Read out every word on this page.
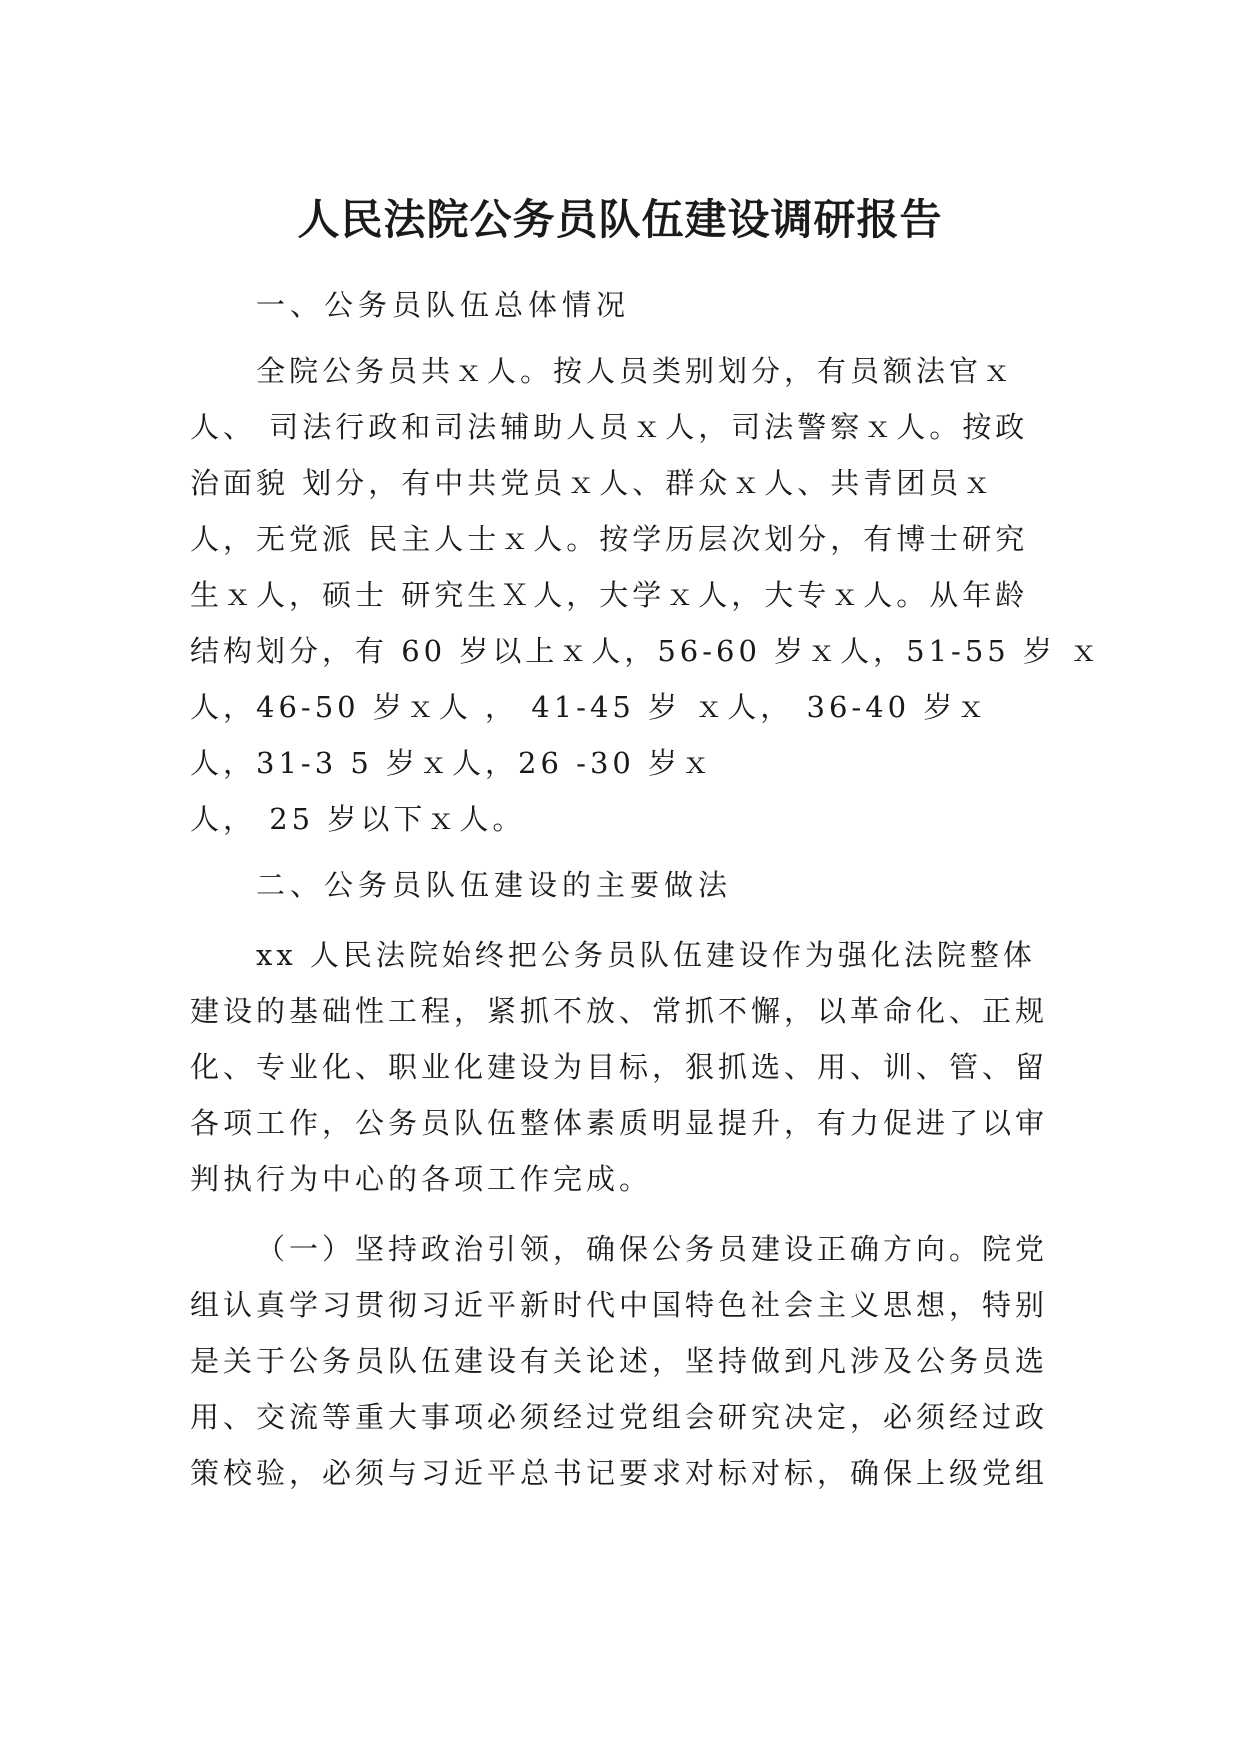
人民法院公务员队伍建设调研报告

一、公务员队伍总体情况

全院公务员共ｘ人。按人员类别划分，有员额法官ｘ
人、 司法行政和司法辅助人员ｘ人，司法警察ｘ人。按政
治面貌 划分，有中共党员ｘ人、群众ｘ人、共青团员ｘ
人，无党派 民主人士ｘ人。按学历层次划分，有博士研究
生ｘ人，硕士 研究生Ｘ人，大学ｘ人，大专ｘ人。从年龄
结构划分，有 60 岁以上ｘ人，56-60 岁ｘ人，51-55 岁 ｘ
人，46-50 岁ｘ人 ， 41-45 岁 ｘ人， 36-40 岁ｘ
人，31-3 5 岁ｘ人，26 -30 岁ｘ
人， 25 岁以下ｘ人。

二、公务员队伍建设的主要做法

xx 人民法院始终把公务员队伍建设作为强化法院整体
建设的基础性工程，紧抓不放、常抓不懈，以革命化、正规
化、专业化、职业化建设为目标，狠抓选、用、训、管、留
各项工作，公务员队伍整体素质明显提升，有力促进了以审
判执行为中心的各项工作完成。
（一）坚持政治引领，确保公务员建设正确方向。院党
组认真学习贯彻习近平新时代中国特色社会主义思想，特别
是关于公务员队伍建设有关论述，坚持做到凡涉及公务员选
用、交流等重大事项必须经过党组会研究决定，必须经过政
策校验，必须与习近平总书记要求对标对标，确保上级党组
